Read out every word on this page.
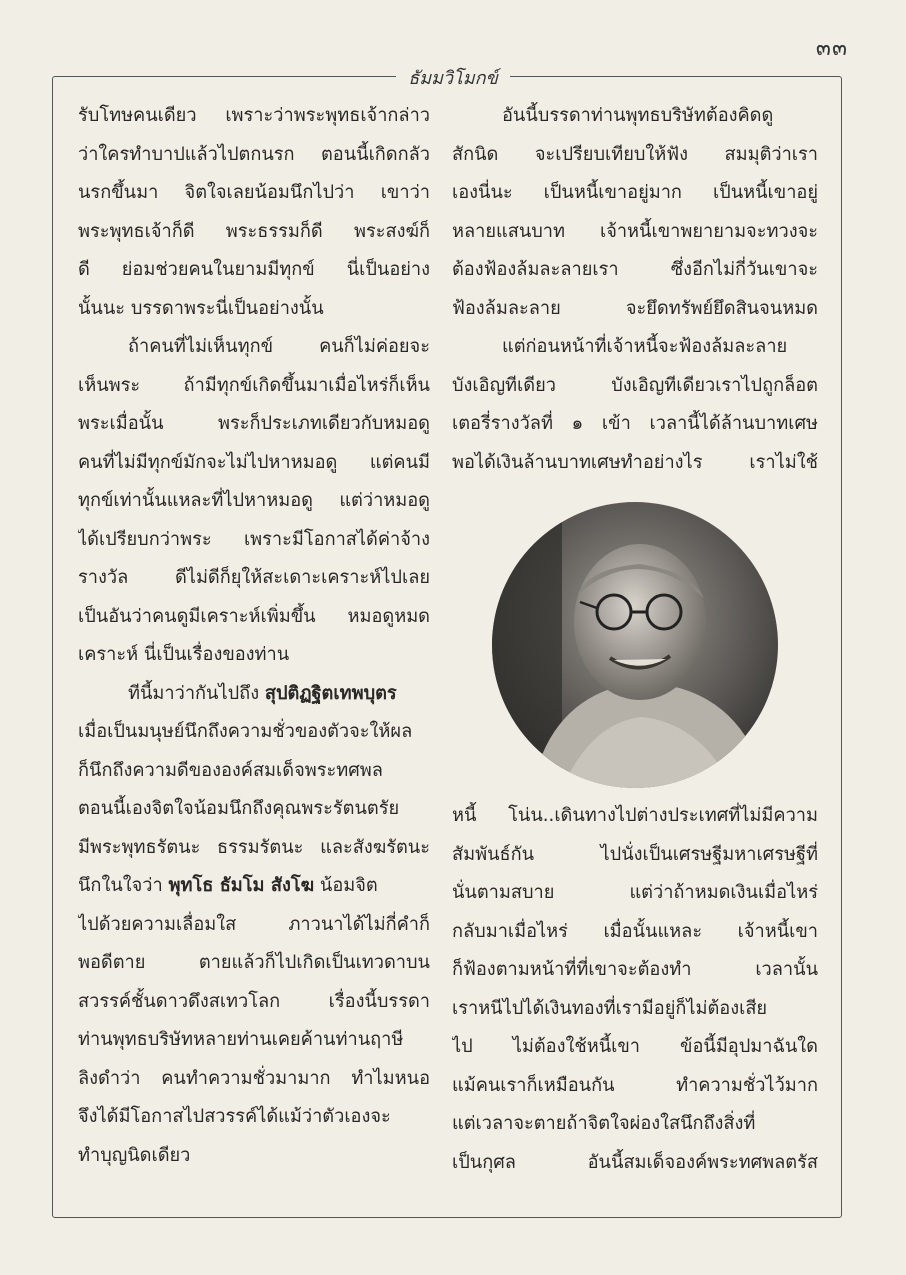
๓๓
ธัมมวิโมกข์
รับโทษคนเดียว เพราะว่าพระพุทธเจ้ากล่าว
ว่าใครทำบาปแล้วไปตกนรก ตอนนี้เกิดกลัว
นรกขึ้นมา จิตใจเลยน้อมนึกไปว่า เขาว่า
พระพุทธเจ้าก็ดี พระธรรมก็ดี พระสงฆ์ก็
ดี ย่อมช่วยคนในยามมีทุกข์ นี่เป็นอย่าง
นั้นนะ บรรดาพระนี่เป็นอย่างนั้น
ถ้าคนที่ไม่เห็นทุกข์ คนก็ไม่ค่อยจะ
เห็นพระ ถ้ามีทุกข์เกิดขึ้นมาเมื่อไหร่ก็เห็น
พระเมื่อนั้น พระก็ประเภทเดียวกับหมอดู
คนที่ไม่มีทุกข์มักจะไม่ไปหาหมอดู แต่คนมี
ทุกข์เท่านั้นแหละที่ไปหาหมอดู แต่ว่าหมอดู
ได้เปรียบกว่าพระ เพราะมีโอกาสได้ค่าจ้าง
รางวัล ดีไม่ดีก็ยุให้สะเดาะเคราะห์ไปเลย
เป็นอันว่าคนดูมีเคราะห์เพิ่มขึ้น หมอดูหมด
เคราะห์ นี่เป็นเรื่องของท่าน
ทีนี้มาว่ากันไปถึง สุปติฏฐิตเทพบุตร
เมื่อเป็นมนุษย์นึกถึงความชั่วของตัวจะให้ผล
ก็นึกถึงความดีขององค์สมเด็จพระทศพล
ตอนนี้เองจิตใจน้อมนึกถึงคุณพระรัตนตรัย
มีพระพุทธรัตนะ ธรรมรัตนะ และสังฆรัตนะ
นึกในใจว่า พุทโธ ธัมโม สังโฆ น้อมจิต
ไปด้วยความเลื่อมใส ภาวนาได้ไม่กี่คำก็
พอดีตาย ตายแล้วก็ไปเกิดเป็นเทวดาบน
สวรรค์ชั้นดาวดึงสเทวโลก เรื่องนี้บรรดา
ท่านพุทธบริษัทหลายท่านเคยค้านท่านฤาษี
ลิงดำว่า คนทำความชั่วมามาก ทำไมหนอ
จึงได้มีโอกาสไปสวรรค์ได้แม้ว่าตัวเองจะ
ทำบุญนิดเดียว
อันนี้บรรดาท่านพุทธบริษัทต้องคิดดู
สักนิด จะเปรียบเทียบให้ฟัง สมมุติว่าเรา
เองนี่นะ เป็นหนี้เขาอยู่มาก เป็นหนี้เขาอยู่
หลายแสนบาท เจ้าหนี้เขาพยายามจะทวงจะ
ต้องฟ้องล้มละลายเรา ซึ่งอีกไม่กี่วันเขาจะ
ฟ้องล้มละลาย จะยึดทรัพย์ยึดสินจนหมด
แต่ก่อนหน้าที่เจ้าหนี้จะฟ้องล้มละลาย
บังเอิญทีเดียว บังเอิญทีเดียวเราไปถูกล็อต
เตอรี่รางวัลที่ ๑ เข้า เวลานี้ได้ล้านบาทเศษ
พอได้เงินล้านบาทเศษทำอย่างไร เราไม่ใช้
หนี้ โน่น..เดินทางไปต่างประเทศที่ไม่มีความ
สัมพันธ์กัน ไปนั่งเป็นเศรษฐีมหาเศรษฐีที่
นั่นตามสบาย แต่ว่าถ้าหมดเงินเมื่อไหร่
กลับมาเมื่อไหร่ เมื่อนั้นแหละ เจ้าหนี้เขา
ก็ฟ้องตามหน้าที่ที่เขาจะต้องทำ เวลานั้น
เราหนีไปได้เงินทองที่เรามีอยู่ก็ไม่ต้องเสีย
ไป ไม่ต้องใช้หนี้เขา ข้อนี้มีอุปมาฉันใด
แม้คนเราก็เหมือนกัน ทำความชั่วไว้มาก
แต่เวลาจะตายถ้าจิตใจผ่องใสนึกถึงสิ่งที่
เป็นกุศล อันนี้สมเด็จองค์พระทศพลตรัส
